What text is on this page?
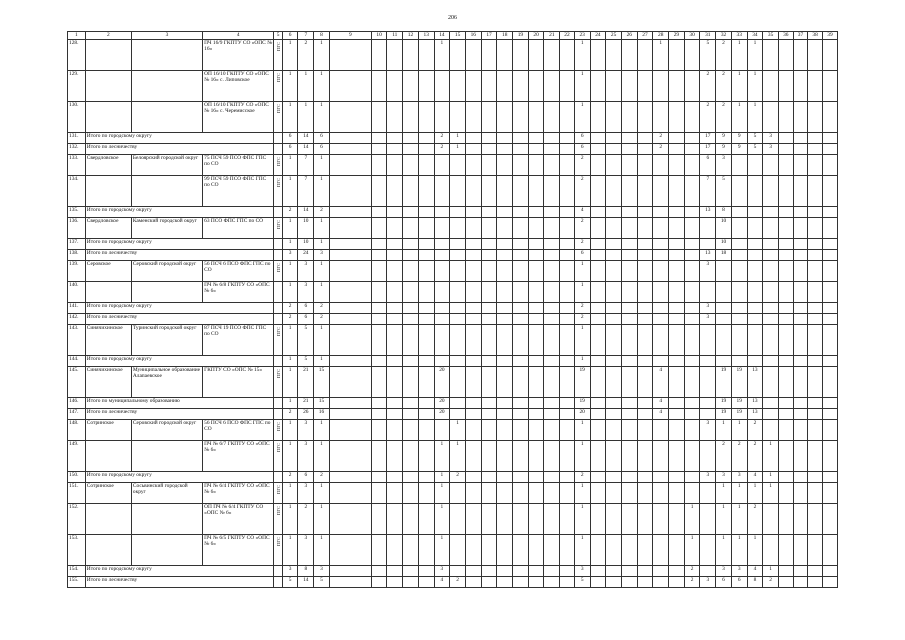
206
1	2	3	4	5	6	7	8	9	10	11	12	13	14	15	16	17	18	19	20	21	22	23	24	25	26	27	28	29	30	31	32	33	34	35	36	37	38	39
128.			ПЧ 16/9 ГКПТУ СО «ОПС № 16»	ПГС	1	2	1						1									1					1			5	2	1	1					
129.			ОП 16/10 ГКПТУ СО «ОПС № 16» с. Липовское	ПГС	1	1	1															1								2	2	1	1					
130.			ОП 16/10 ГКПТУ СО «ОПС № 16» с. Черемисское	ПГС	1	1	1															1								2	2	1	1					
131.	Итого по городскому округу				6	14	6						2	1								6					2			17	9	9	5	3				
132.	Итого по лесничеству				6	14	6						2	1								6					2			17	9	9	5	3				
133.	Свердловское	Белоярский городской округ	75 ПСЧ 59 ПСО ФПС ГПС по СО	ПГС	1	7	1															2								6	3							
134.			99 ПСЧ 59 ПСО ФПС ГПС по СО	ПГС	1	7	1															2								7	5							
135.	Итого по городскому округу				2	14	2															4								13	8							
136.	Свердловское	Каменский городской округ	63 ПСО ФПС ГПС по СО	ПГС	1	10	1															2									10							
137.	Итого по городскому округу				1	10	1															2									10							
138.	Итого по лесничеству				3	24	3															6								13	18							
139.	Серовское	Серовский городской округ	56 ПСЧ 6 ПСО ФПС ГПС по СО	ПГС	1	3	1															1								3								
140.			ПЧ № 6/8 ГКПТУ СО «ОПС № 6»		1	3	1															1																
141.	Итого по городскому округу				2	6	2															2								3								
142.	Итого по лесничеству				2	6	2															2								3								
143.	Синячихинское	Туринский городской округ	87 ПСЧ 19 ПСО ФПС ГПС по СО	ПГС	1	5	1															1																
144.	Итого по городскому округу				1	5	1															1																
145.	Синячихинское	Муниципальное образование Алапаевское	ГКПТУ СО «ОПС № 15»	ПГС	1	21	15						20									19					4				19	19	13					
146.	Итого по муниципальному образованию				1	21	15						20									19					4				19	19	13					
147.	Итого по лесничеству				2	26	16						20									20					4				19	19	13					
148.	Сотринское	Серовский городской округ	56 ПСЧ 6 ПСО ФПС ГПС по СО	ПГС	1	3	1							1								1								3	1	1	2					
149.			ПЧ № 6/7 ГКПТУ СО «ОПС № 6»	ПГС	1	3	1						1	1								1									2	2	2	1				
150.	Итого по городскому округу				2	6	2						1	2								2								3	3	3	4	1				
151.	Сотринское	Сосьвинский городской округ	ПЧ № 6/4 ГКПТУ СО «ОПС № 6»	ПГС	1	3	1						1									1									1	1	1	1				
152.			ОП ПЧ № 6/4 ГКПТУ СО «ОПС № 6»	ПГС	1	2	1						1									1							1		1	1	2					
153.			ПЧ № 6/5 ГКПТУ СО «ОПС № 6»	ПГС	1	3	1						1									1							1		1	1	1					
154.	Итого по городскому округу				3	8	3						3									3							2		3	3	4	1				
155.	Итого по лесничеству				5	14	5						4	2								5							2	3	6	6	8	2				
